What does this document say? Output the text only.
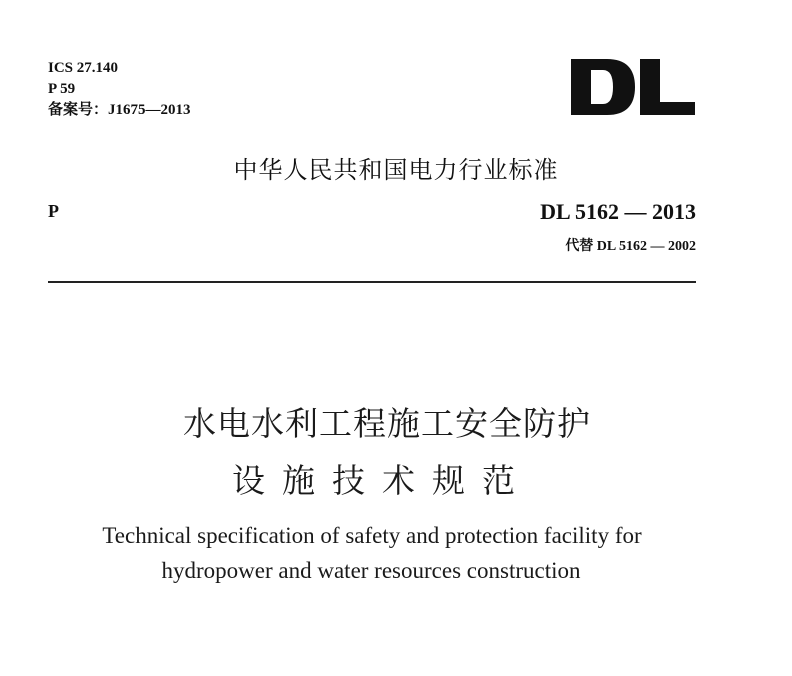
ICS 27.140
P 59
备案号：J1675—2013
中华人民共和国电力行业标准
P	DL 5162 — 2013
代替 DL 5162 — 2002
水电水利工程施工安全防护
设施技术规范
Technical specification of safety and protection facility for
hydropower and water resources construction
